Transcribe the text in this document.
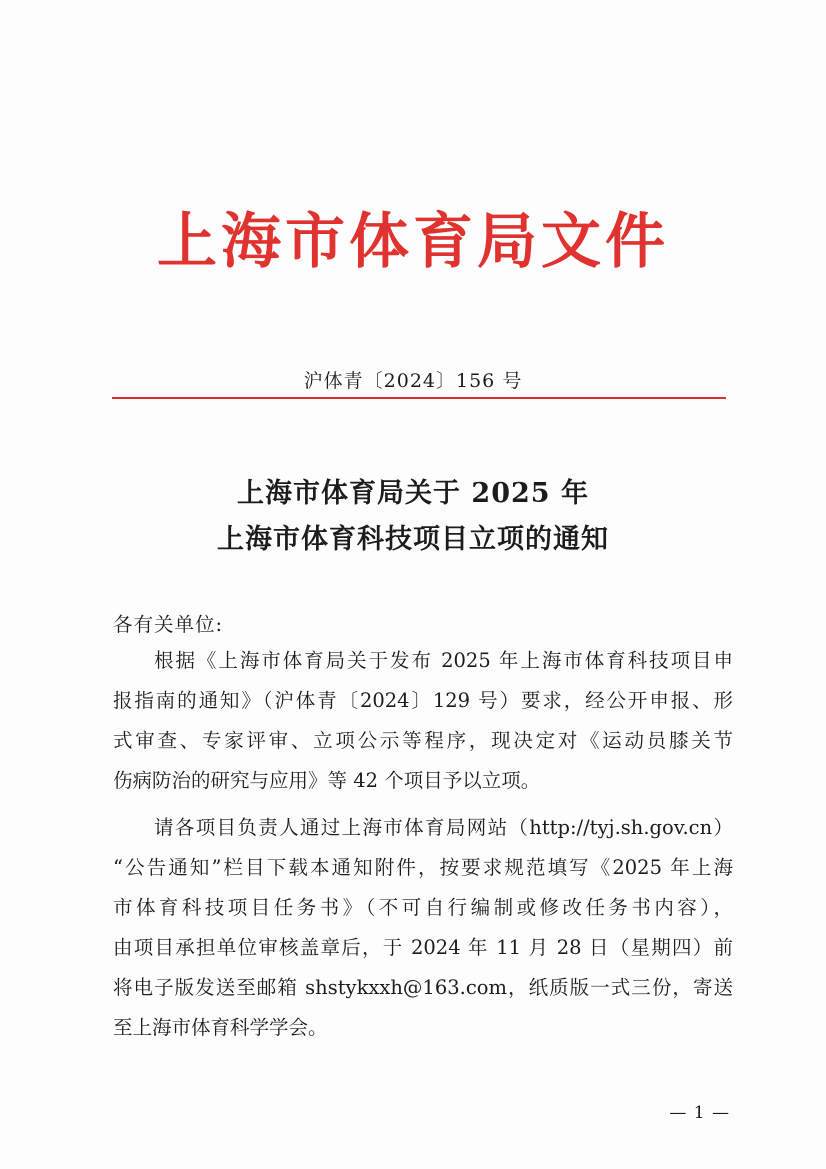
上海市体育局文件
沪体青〔2024〕156 号
上海市体育局关于 2025 年
上海市体育科技项目立项的通知
各有关单位:
根据《上海市体育局关于发布 2025 年上海市体育科技项目申
报指南的通知》（沪体青〔2024〕129 号）要求，经公开申报、形
式审查、专家评审、立项公示等程序，现决定对《运动员膝关节
伤病防治的研究与应用》等 42 个项目予以立项。
请各项目负责人通过上海市体育局网站（http://tyj.sh.gov.cn）
“公告通知”栏目下载本通知附件，按要求规范填写《2025 年上海
市体育科技项目任务书》（不可自行编制或修改任务书内容），
由项目承担单位审核盖章后，于 2024 年 11 月 28 日（星期四）前
将电子版发送至邮箱 shstykxxh@163.com，纸质版一式三份，寄送
至上海市体育科学学会。
— 1 —
